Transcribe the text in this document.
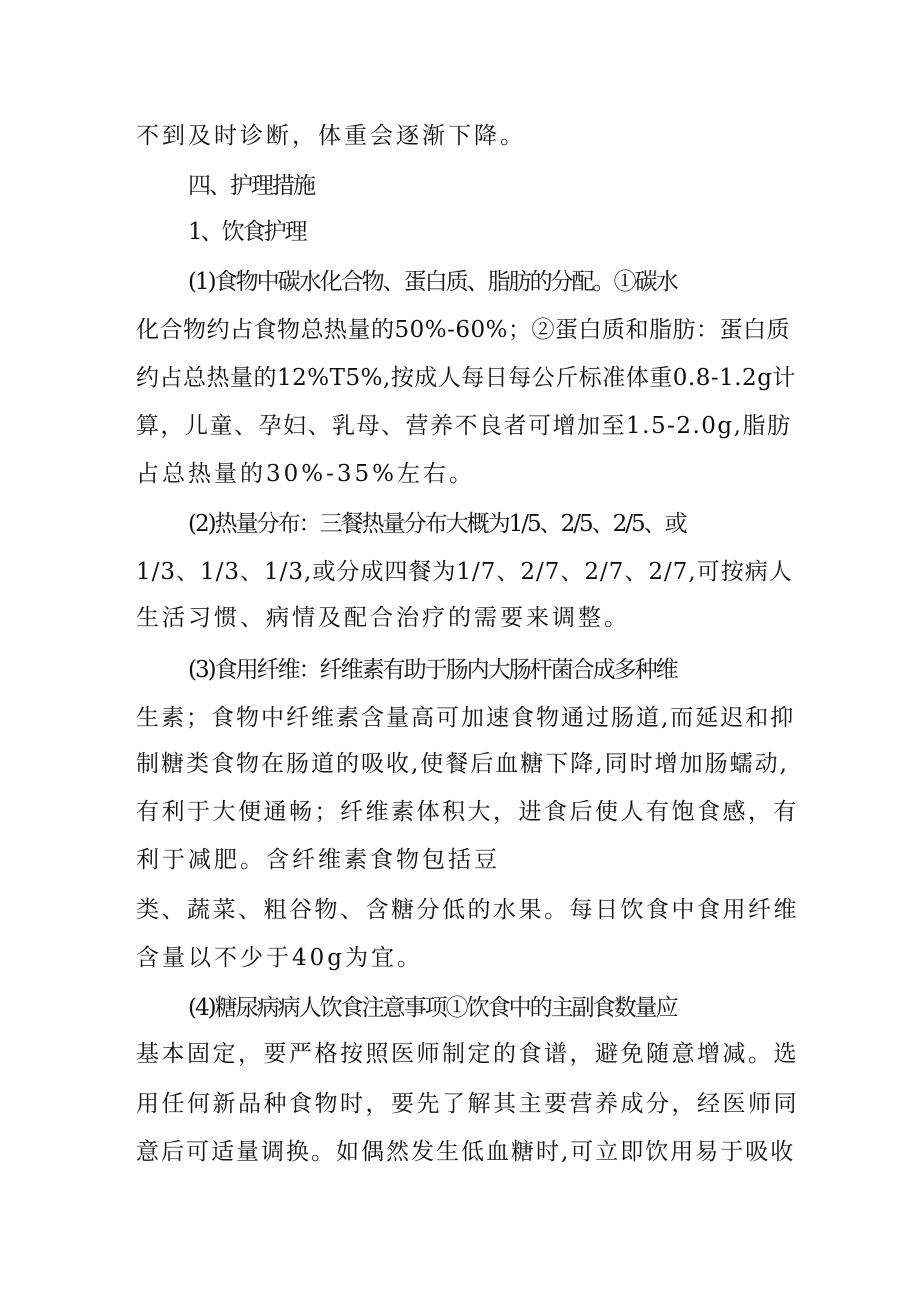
不到及时诊断，体重会逐渐下降。

四、护理措施

1、饮食护理

(1)食物中碳水化合物、蛋白质、脂肪的分配。①碳水

化合物约占食物总热量的50%-60%；②蛋白质和脂肪：蛋白质

约占总热量的12%T5%,按成人每日每公斤标准体重0.8-1.2g计

算，儿童、孕妇、乳母、营养不良者可增加至1.5-2.0g,脂肪

占总热量的30%-35%左右。

(2)热量分布：三餐热量分布大概为1/5、2/5、2/5、或

1/3、1/3、1/3,或分成四餐为1/7、2/7、2/7、2/7,可按病人

生活习惯、病情及配合治疗的需要来调整。

(3)食用纤维：纤维素有助于肠内大肠杆菌合成多种维

生素；食物中纤维素含量高可加速食物通过肠道,而延迟和抑

制糖类食物在肠道的吸收,使餐后血糖下降,同时增加肠蠕动,

有利于大便通畅；纤维素体积大，进食后使人有饱食感，有

利于减肥。含纤维素食物包括豆

类、蔬菜、粗谷物、含糖分低的水果。每日饮食中食用纤维

含量以不少于40g为宜。

(4)糖尿病病人饮食注意事项①饮食中的主副食数量应

基本固定，要严格按照医师制定的食谱，避免随意增减。选

用任何新品种食物时，要先了解其主要营养成分，经医师同

意后可适量调换。如偶然发生低血糖时,可立即饮用易于吸收
